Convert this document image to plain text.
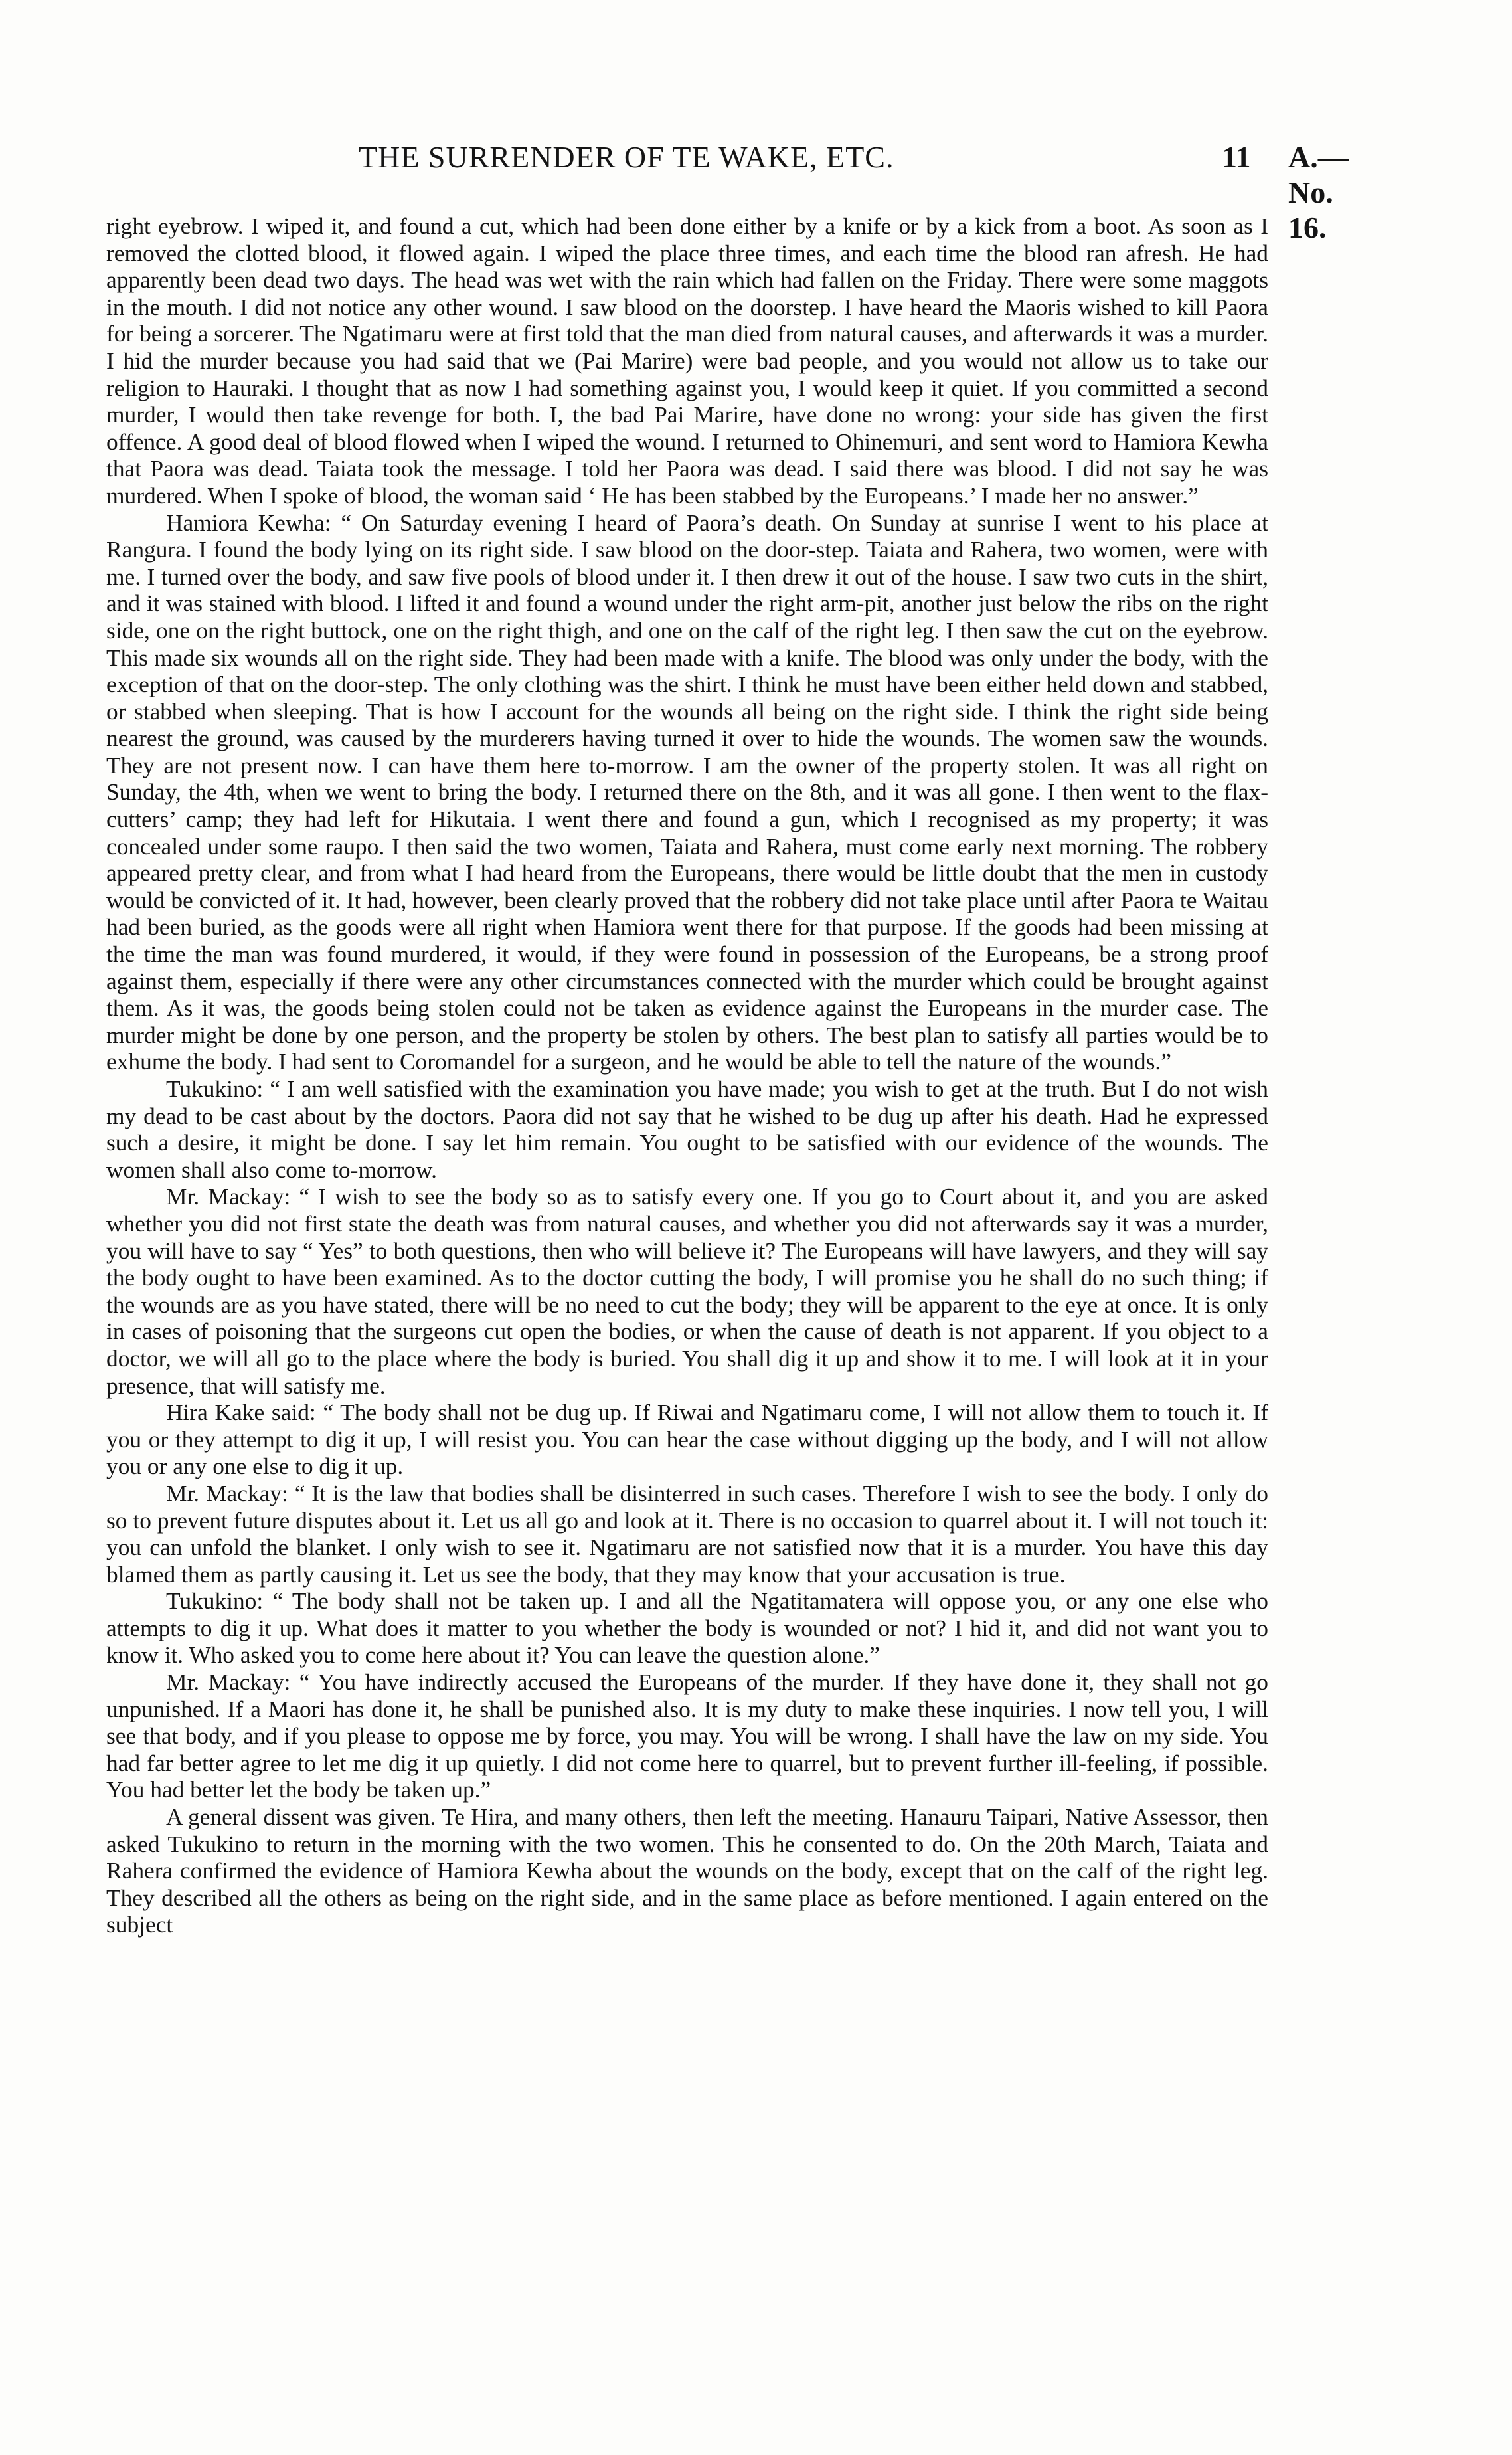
THE SURRENDER OF TE WAKE, ETC.	11 A.—No. 16.

right eyebrow. I wiped it, and found a cut, which had been done either by a knife or by a kick from a boot. As soon as I removed the clotted blood, it flowed again. I wiped the place three times, and each time the blood ran afresh. He had apparently been dead two days. The head was wet with the rain which had fallen on the Friday. There were some maggots in the mouth. I did not notice any other wound. I saw blood on the doorstep. I have heard the Maoris wished to kill Paora for being a sorcerer. The Ngatimaru were at first told that the man died from natural causes, and afterwards it was a murder. I hid the murder because you had said that we (Pai Marire) were bad people, and you would not allow us to take our religion to Hauraki. I thought that as now I had something against you, I would keep it quiet. If you committed a second murder, I would then take revenge for both. I, the bad Pai Marire, have done no wrong: your side has given the first offence. A good deal of blood flowed when I wiped the wound. I returned to Ohinemuri, and sent word to Hamiora Kewha that Paora was dead. Taiata took the message. I told her Paora was dead. I said there was blood. I did not say he was murdered. When I spoke of blood, the woman said ‘ He has been stabbed by the Europeans.’ I made her no answer.”

Hamiora Kewha: “ On Saturday evening I heard of Paora’s death. On Sunday at sunrise I went to his place at Rangura. I found the body lying on its right side. I saw blood on the door-step. Taiata and Rahera, two women, were with me. I turned over the body, and saw five pools of blood under it. I then drew it out of the house. I saw two cuts in the shirt, and it was stained with blood. I lifted it and found a wound under the right arm-pit, another just below the ribs on the right side, one on the right buttock, one on the right thigh, and one on the calf of the right leg. I then saw the cut on the eyebrow. This made six wounds all on the right side. They had been made with a knife. The blood was only under the body, with the exception of that on the door-step. The only clothing was the shirt. I think he must have been either held down and stabbed, or stabbed when sleeping. That is how I account for the wounds all being on the right side. I think the right side being nearest the ground, was caused by the murderers having turned it over to hide the wounds. The women saw the wounds. They are not present now. I can have them here to-morrow. I am the owner of the property stolen. It was all right on Sunday, the 4th, when we went to bring the body. I returned there on the 8th, and it was all gone. I then went to the flax-cutters’ camp; they had left for Hikutaia. I went there and found a gun, which I recognised as my property; it was concealed under some raupo. I then said the two women, Taiata and Rahera, must come early next morning. The robbery appeared pretty clear, and from what I had heard from the Europeans, there would be little doubt that the men in custody would be convicted of it. It had, however, been clearly proved that the robbery did not take place until after Paora te Waitau had been buried, as the goods were all right when Hamiora went there for that purpose. If the goods had been missing at the time the man was found murdered, it would, if they were found in possession of the Europeans, be a strong proof against them, especially if there were any other circumstances connected with the murder which could be brought against them. As it was, the goods being stolen could not be taken as evidence against the Europeans in the murder case. The murder might be done by one person, and the property be stolen by others. The best plan to satisfy all parties would be to exhume the body. I had sent to Coromandel for a surgeon, and he would be able to tell the nature of the wounds.”

Tukukino: “ I am well satisfied with the examination you have made; you wish to get at the truth. But I do not wish my dead to be cast about by the doctors. Paora did not say that he wished to be dug up after his death. Had he expressed such a desire, it might be done. I say let him remain. You ought to be satisfied with our evidence of the wounds. The women shall also come to-morrow.

Mr. Mackay: “ I wish to see the body so as to satisfy every one. If you go to Court about it, and you are asked whether you did not first state the death was from natural causes, and whether you did not afterwards say it was a murder, you will have to say “ Yes” to both questions, then who will believe it? The Europeans will have lawyers, and they will say the body ought to have been examined. As to the doctor cutting the body, I will promise you he shall do no such thing; if the wounds are as you have stated, there will be no need to cut the body; they will be apparent to the eye at once. It is only in cases of poisoning that the surgeons cut open the bodies, or when the cause of death is not apparent. If you object to a doctor, we will all go to the place where the body is buried. You shall dig it up and show it to me. I will look at it in your presence, that will satisfy me.

Hira Kake said: “ The body shall not be dug up. If Riwai and Ngatimaru come, I will not allow them to touch it. If you or they attempt to dig it up, I will resist you. You can hear the case without digging up the body, and I will not allow you or any one else to dig it up.

Mr. Mackay: “ It is the law that bodies shall be disinterred in such cases. Therefore I wish to see the body. I only do so to prevent future disputes about it. Let us all go and look at it. There is no occasion to quarrel about it. I will not touch it: you can unfold the blanket. I only wish to see it. Ngatimaru are not satisfied now that it is a murder. You have this day blamed them as partly causing it. Let us see the body, that they may know that your accusation is true.

Tukukino: “ The body shall not be taken up. I and all the Ngatitamatera will oppose you, or any one else who attempts to dig it up. What does it matter to you whether the body is wounded or not? I hid it, and did not want you to know it. Who asked you to come here about it? You can leave the question alone.”

Mr. Mackay: “ You have indirectly accused the Europeans of the murder. If they have done it, they shall not go unpunished. If a Maori has done it, he shall be punished also. It is my duty to make these inquiries. I now tell you, I will see that body, and if you please to oppose me by force, you may. You will be wrong. I shall have the law on my side. You had far better agree to let me dig it up quietly. I did not come here to quarrel, but to prevent further ill-feeling, if possible. You had better let the body be taken up.”

A general dissent was given. Te Hira, and many others, then left the meeting. Hanauru Taipari, Native Assessor, then asked Tukukino to return in the morning with the two women. This he consented to do. On the 20th March, Taiata and Rahera confirmed the evidence of Hamiora Kewha about the wounds on the body, except that on the calf of the right leg. They described all the others as being on the right side, and in the same place as before mentioned. I again entered on the subject
